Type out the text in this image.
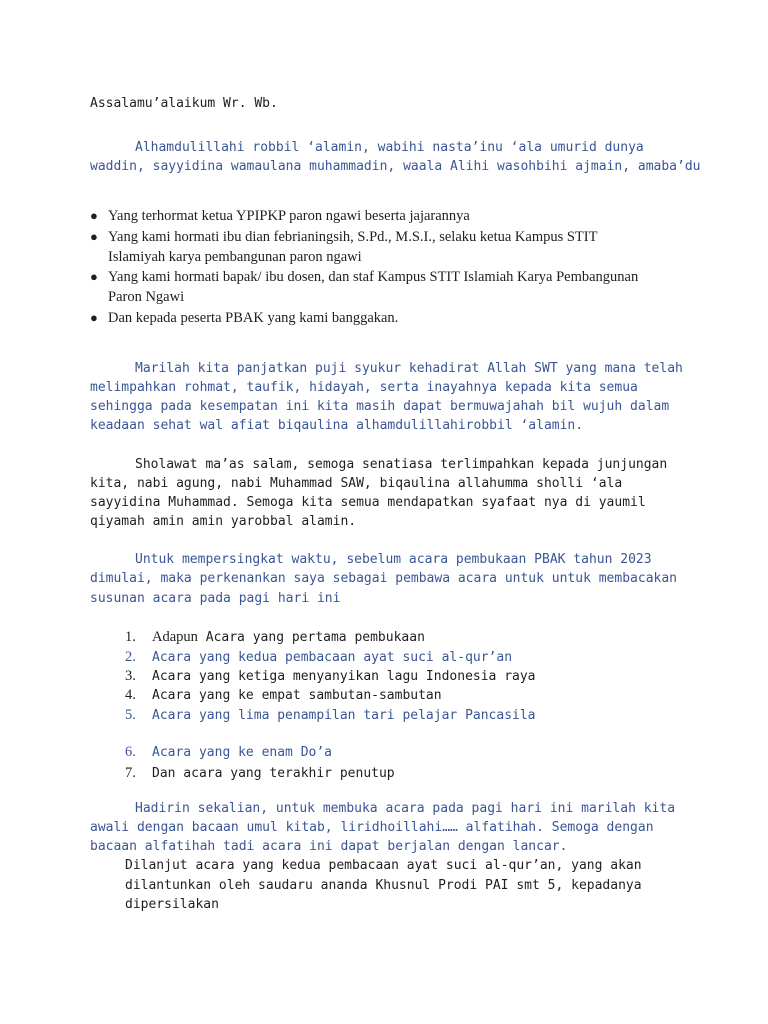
Assalamu’alaikum Wr. Wb.
Alhamdulillahi robbil ‘alamin, wabihi nasta’inu ‘ala umurid dunya
waddin, sayyidina wamaulana muhammadin, waala Alihi wasohbihi ajmain, amaba’du
● Yang terhormat ketua YPIPKP paron ngawi beserta jajarannya
● Yang kami hormati ibu dian febrianingsih, S.Pd., M.S.I., selaku ketua Kampus STIT
Islamiyah karya pembangunan paron ngawi
● Yang kami hormati bapak/ ibu dosen, dan staf Kampus STIT Islamiah Karya Pembangunan
Paron Ngawi
● Dan kepada peserta PBAK yang kami banggakan.
Marilah kita panjatkan puji syukur kehadirat Allah SWT yang mana telah
melimpahkan rohmat, taufik, hidayah, serta inayahnya kepada kita semua
sehingga pada kesempatan ini kita masih dapat bermuwajahah bil wujuh dalam
keadaan sehat wal afiat biqaulina alhamdulillahirobbil ‘alamin.
Sholawat ma’as salam, semoga senatiasa terlimpahkan kepada junjungan
kita, nabi agung, nabi Muhammad SAW, biqaulina allahumma sholli ‘ala
sayyidina Muhammad. Semoga kita semua mendapatkan syafaat nya di yaumil
qiyamah amin amin yarobbal alamin.
Untuk mempersingkat waktu, sebelum acara pembukaan PBAK tahun 2023
dimulai, maka perkenankan saya sebagai pembawa acara untuk untuk membacakan
susunan acara pada pagi hari ini
1. Adapun Acara yang pertama pembukaan
2. Acara yang kedua pembacaan ayat suci al-qur’an
3. Acara yang ketiga menyanyikan lagu Indonesia raya
4. Acara yang ke empat sambutan-sambutan
5. Acara yang lima penampilan tari pelajar Pancasila
6. Acara yang ke enam Do’a
7. Dan acara yang terakhir penutup
Hadirin sekalian, untuk membuka acara pada pagi hari ini marilah kita
awali dengan bacaan umul kitab, liridhoillahi…… alfatihah. Semoga dengan
bacaan alfatihah tadi acara ini dapat berjalan dengan lancar.
Dilanjut acara yang kedua pembacaan ayat suci al-qur’an, yang akan
dilantunkan oleh saudaru ananda Khusnul Prodi PAI smt 5, kepadanya
dipersilakan
